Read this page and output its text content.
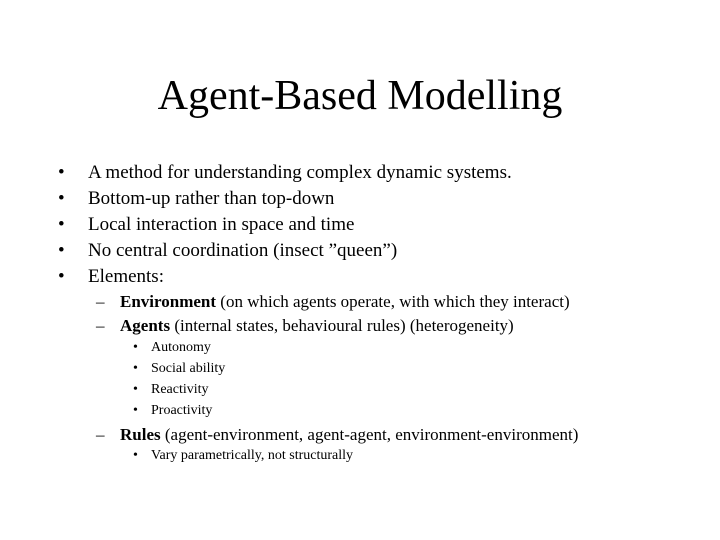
Agent-Based Modelling
• A method for understanding complex dynamic systems.
• Bottom-up rather than top-down
• Local interaction in space and time
• No central coordination (insect ”queen”)
• Elements:
– Environment (on which agents operate, with which they interact)
– Agents (internal states, behavioural rules) (heterogeneity)
• Autonomy
• Social ability
• Reactivity
• Proactivity
– Rules (agent-environment, agent-agent, environment-environment)
• Vary parametrically, not structurally
